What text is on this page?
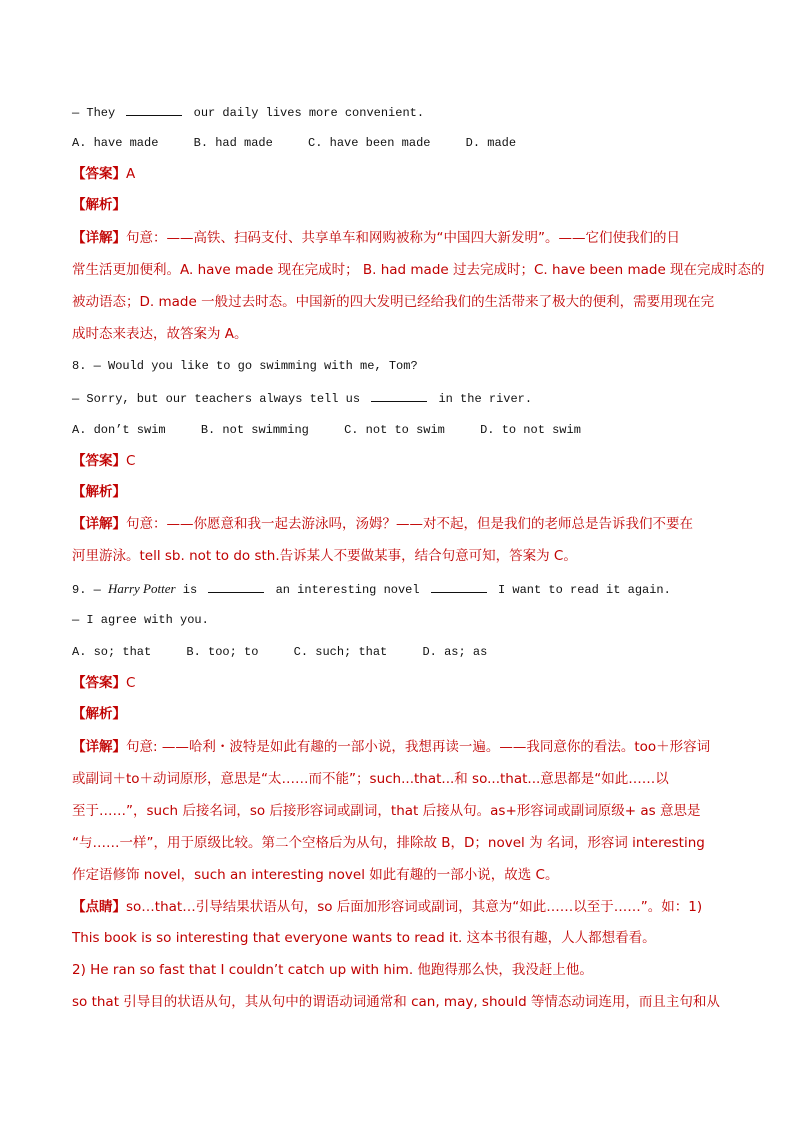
— They	our daily lives more convenient.
A. have made	B. had made	C. have been made	D. made
【答案】A
【解析】
【详解】句意：——高铁、扫码支付、共享单车和网购被称为“中国四大新发明”。——它们使我们的日
常生活更加便利。A. have made 现在完成时； B. had made 过去完成时；C. have been made 现在完成时态的
被动语态；D. made 一般过去时态。中国新的四大发明已经给我们的生活带来了极大的便利，需要用现在完
成时态来表达，故答案为 A。
8. — Would you like to go swimming with me, Tom?
— Sorry, but our teachers always tell us	in the river.
A. don’t swim	B. not swimming	C. not to swim	D. to not swim
【答案】C
【解析】
【详解】句意：——你愿意和我一起去游泳吗，汤姆？——对不起，但是我们的老师总是告诉我们不要在
河里游泳。tell sb. not to do sth.告诉某人不要做某事，结合句意可知，答案为 C。
9. — Harry Potter is	an interesting novel	I want to read it again.
— I agree with you.
A. so; that	B. too; to	C. such; that	D. as; as
【答案】C
【解析】
【详解】句意: ——哈利・波特是如此有趣的一部小说，我想再读一遍。——我同意你的看法。too＋形容词
或副词＋to＋动词原形，意思是“太……而不能”；such...that...和 so...that...意思都是“如此……以
至于……”，such 后接名词，so 后接形容词或副词，that 后接从句。as+形容词或副词原级+ as 意思是
“与……一样”，用于原级比较。第二个空格后为从句，排除故 B，D；novel 为 名词，形容词 interesting
作定语修饰 novel，such an interesting novel 如此有趣的一部小说，故选 C。
【点睛】so…that…引导结果状语从句，so 后面加形容词或副词，其意为“如此……以至于……”。如：1)
This book is so interesting that everyone wants to read it. 这本书很有趣，人人都想看看。
2) He ran so fast that I couldn’t catch up with him. 他跑得那么快，我没赶上他。
so that 引导目的状语从句，其从句中的谓语动词通常和 can, may, should 等情态动词连用，而且主句和从
